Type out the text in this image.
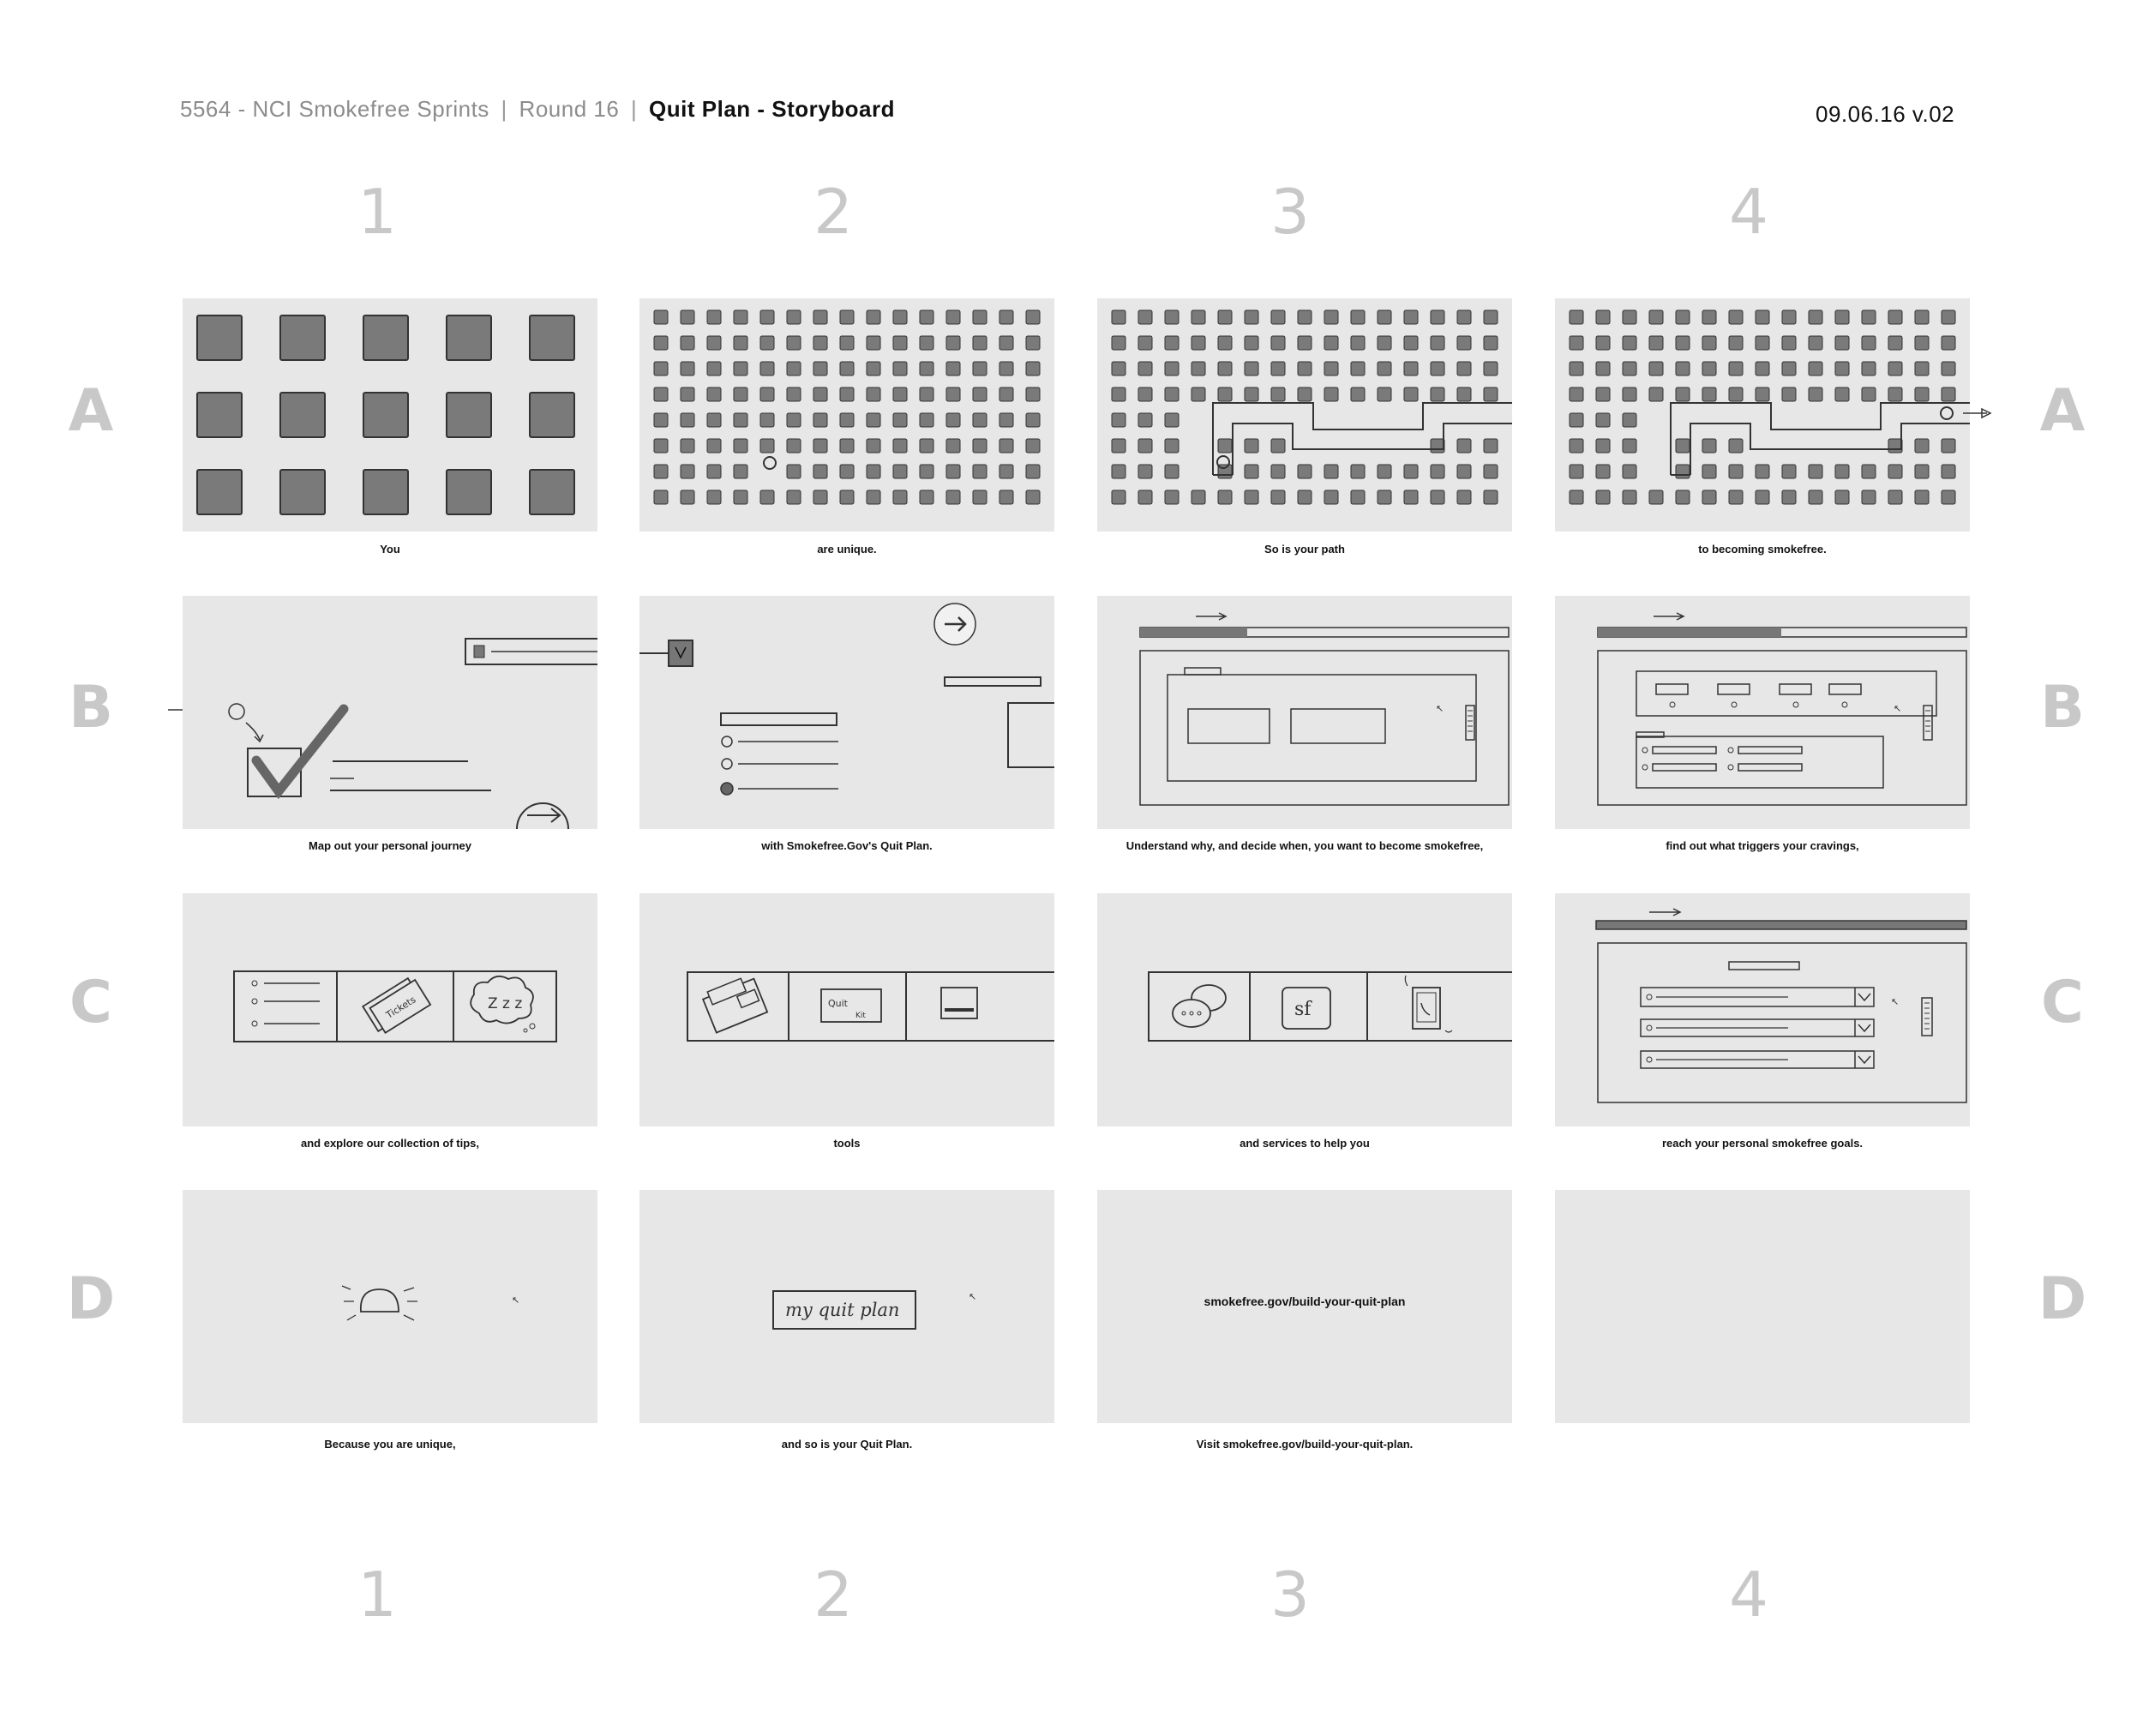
5564 - NCI Smokefree Sprints | Round 16 | Quit Plan - Storyboard	09.06.16 v.02
1	2	3	4
1	2	3	4
A
B
C
D
A
B
C
D
You	are unique.	So is your path	to becoming smokefree.
Map out your personal journey	with Smokefree.Gov's Quit Plan.
↖
Understand why, and decide when, you want to become smokefree,
↖
find out what triggers your cravings,
Tickets	Z z z
and explore our collection of tips,
Quit
Kit
tools
sf
and services to help you
↖
reach your personal smokefree goals.
↖
Because you are unique,
my quit plan
↖
and so is your Quit Plan.
smokefree.gov/build-your-quit-plan
Visit smokefree.gov/build-your-quit-plan.
